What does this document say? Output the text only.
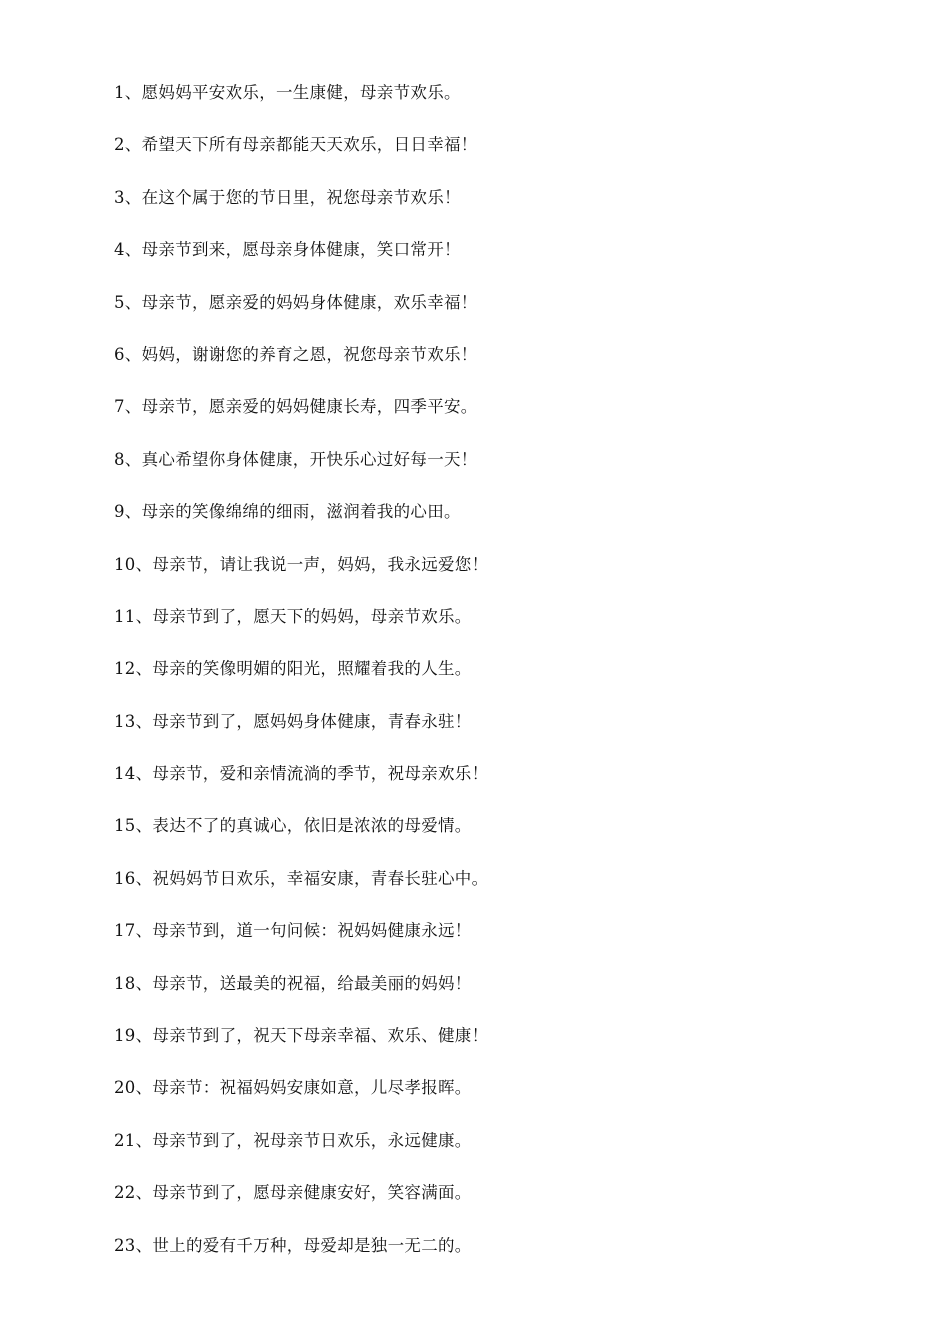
1、愿妈妈平安欢乐，一生康健，母亲节欢乐。
2、希望天下所有母亲都能天天欢乐，日日幸福！
3、在这个属于您的节日里，祝您母亲节欢乐！
4、母亲节到来，愿母亲身体健康，笑口常开！
5、母亲节，愿亲爱的妈妈身体健康，欢乐幸福！
6、妈妈，谢谢您的养育之恩，祝您母亲节欢乐！
7、母亲节，愿亲爱的妈妈健康长寿，四季平安。
8、真心希望你身体健康，开快乐心过好每一天！
9、母亲的笑像绵绵的细雨，滋润着我的心田。
10、母亲节，请让我说一声，妈妈，我永远爱您！
11、母亲节到了，愿天下的妈妈，母亲节欢乐。
12、母亲的笑像明媚的阳光，照耀着我的人生。
13、母亲节到了，愿妈妈身体健康，青春永驻！
14、母亲节，爱和亲情流淌的季节，祝母亲欢乐！
15、表达不了的真诚心，依旧是浓浓的母爱情。
16、祝妈妈节日欢乐，幸福安康，青春长驻心中。
17、母亲节到，道一句问候：祝妈妈健康永远！
18、母亲节，送最美的祝福，给最美丽的妈妈！
19、母亲节到了，祝天下母亲幸福、欢乐、健康！
20、母亲节：祝福妈妈安康如意，儿尽孝报晖。
21、母亲节到了，祝母亲节日欢乐，永远健康。
22、母亲节到了，愿母亲健康安好，笑容满面。
23、世上的爱有千万种，母爱却是独一无二的。
